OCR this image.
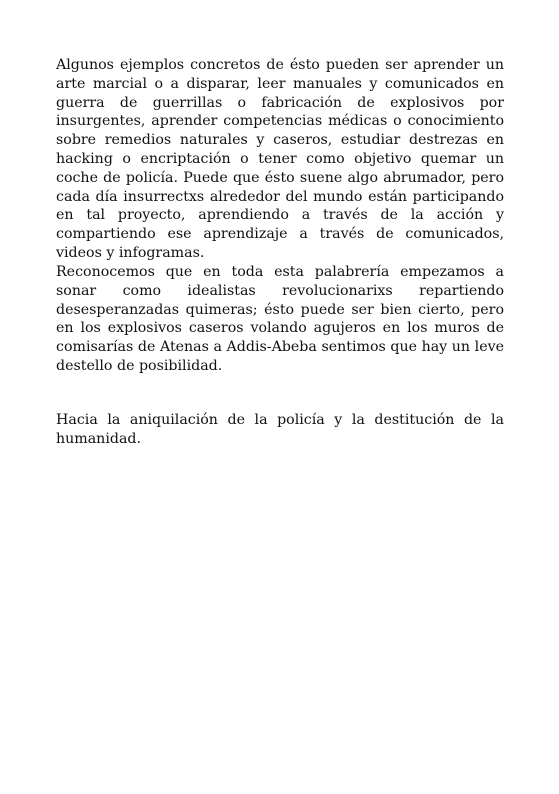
Algunos ejemplos concretos de ésto pueden ser aprender un arte marcial o a disparar, leer manuales y comunicados en guerra de guerrillas o fabricación de explosivos por insurgentes, aprender competencias médicas o conocimiento sobre remedios naturales y caseros, estudiar destrezas en hacking o encriptación o tener como objetivo quemar un coche de policía. Puede que ésto suene algo abrumador, pero cada día insurrectxs alrededor del mundo están participando en tal proyecto, aprendiendo a través de la acción y compartiendo ese aprendizaje a través de comunicados, videos y infogramas.

Reconocemos que en toda esta palabrería empezamos a sonar como idealistas revolucionarixs repartiendo desesperanzadas quimeras; ésto puede ser bien cierto, pero en los explosivos caseros volando agujeros en los muros de comisarías de Atenas a Addis-Abeba sentimos que hay un leve destello de posibilidad.

Hacia la aniquilación de la policía y la destitución de la humanidad.
